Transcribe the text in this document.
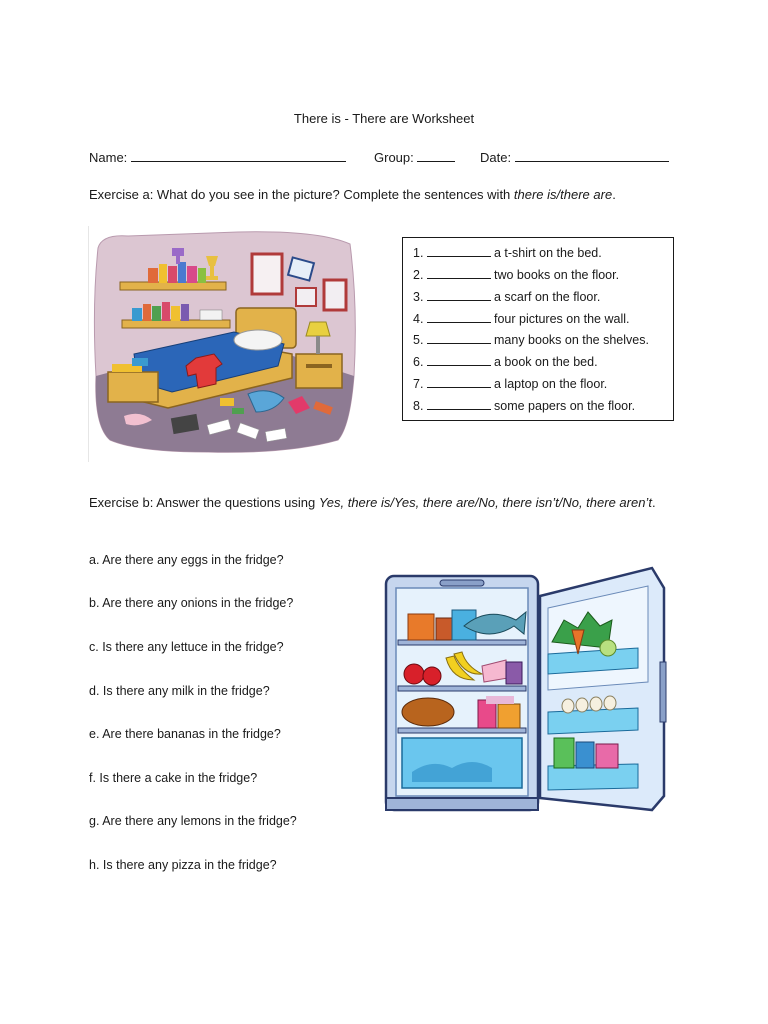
There is - There are Worksheet
Name:	Group:	Date:
Exercise a: What do you see in the picture? Complete the sentences with there is/there are.
1.	a t-shirt on the bed.
2.	two books on the floor.
3.	a scarf on the floor.
4.	four pictures on the wall.
5.	many books on the shelves.
6.	a book on the bed.
7.	a laptop on the floor.
8.	some papers on the floor.
Exercise b: Answer the questions using Yes, there is/Yes, there are/No, there isn’t/No, there aren’t.
a. Are there any eggs in the fridge?
b. Are there any onions in the fridge?
c. Is there any lettuce in the fridge?
d. Is there any milk in the fridge?
e. Are there bananas in the fridge?
f. Is there a cake in the fridge?
g. Are there any lemons in the fridge?
h. Is there any pizza in the fridge?
